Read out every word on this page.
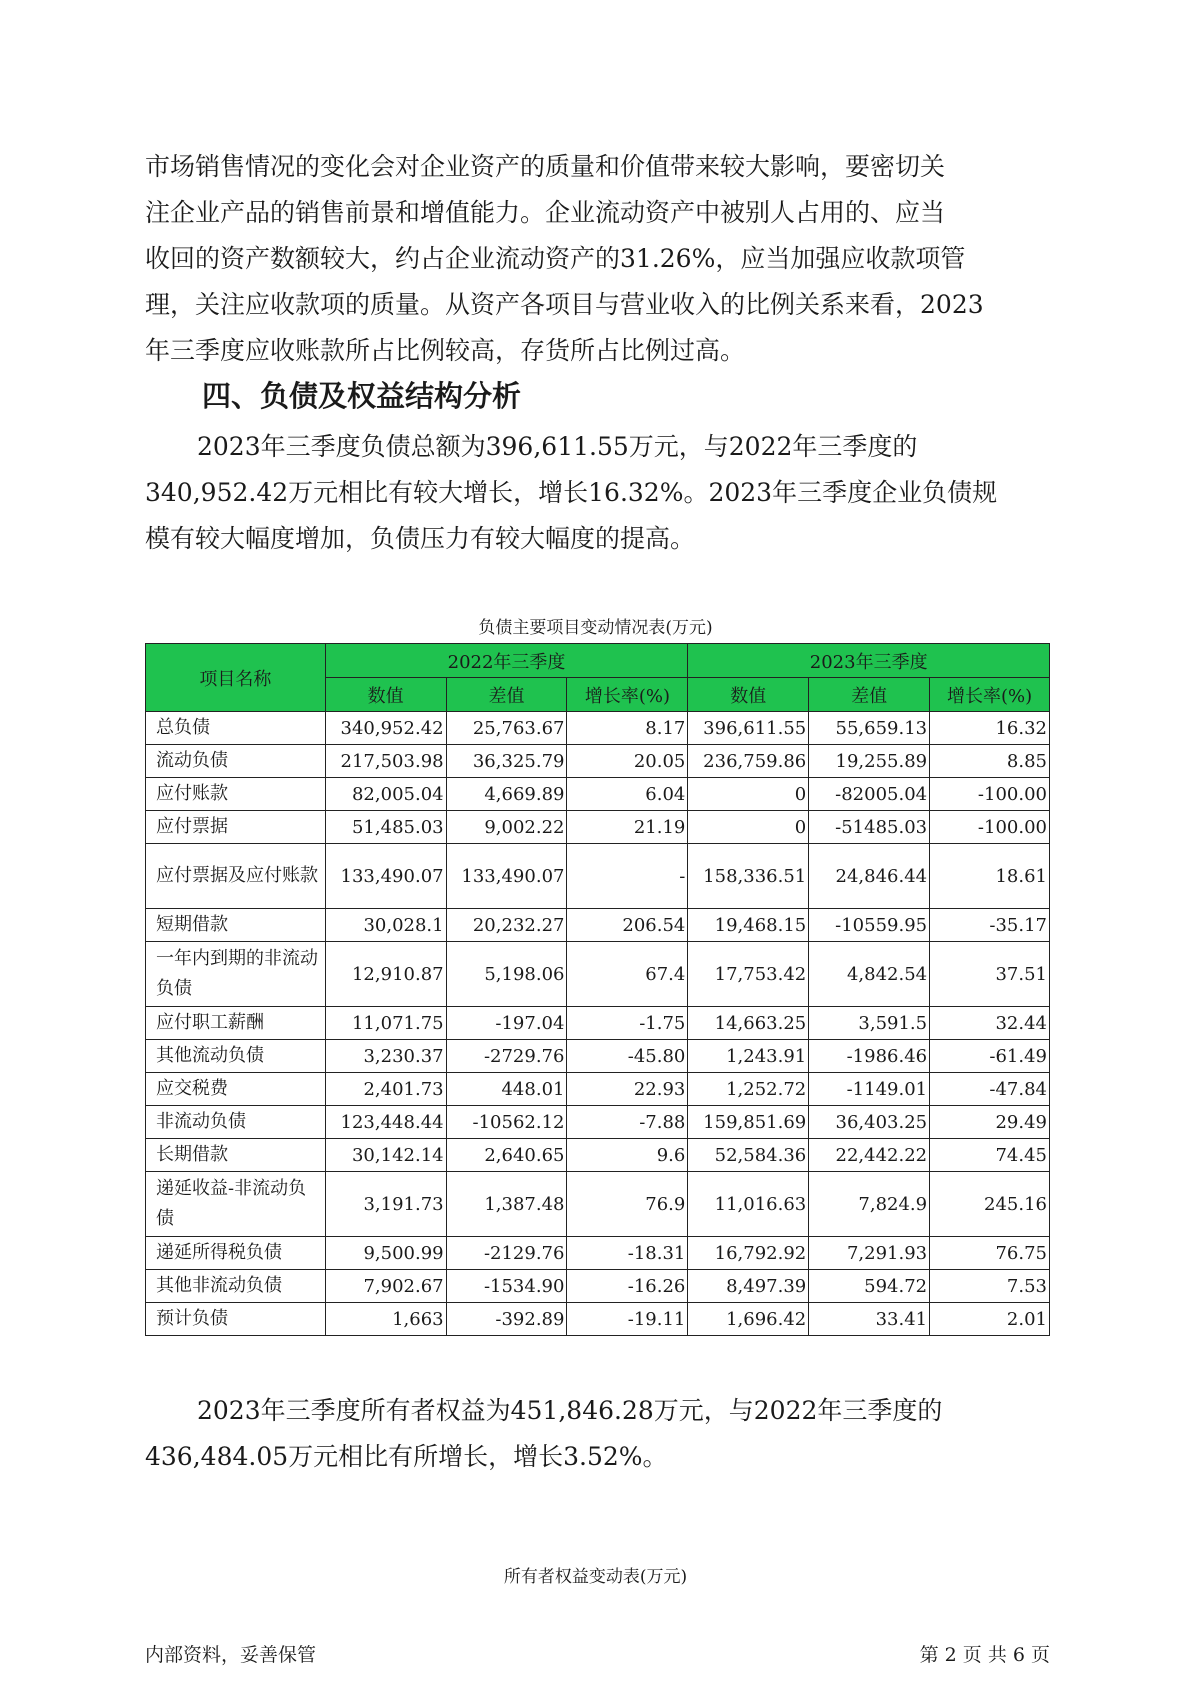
市场销售情况的变化会对企业资产的质量和价值带来较大影响，要密切关
注企业产品的销售前景和增值能力。企业流动资产中被别人占用的、应当
收回的资产数额较大，约占企业流动资产的31.26%，应当加强应收款项管
理，关注应收款项的质量。从资产各项目与营业收入的比例关系来看，2023
年三季度应收账款所占比例较高，存货所占比例过高。
四、负债及权益结构分析
2023年三季度负债总额为396,611.55万元，与2022年三季度的
340,952.42万元相比有较大增长，增长16.32%。2023年三季度企业负债规
模有较大幅度增加，负债压力有较大幅度的提高。
负债主要项目变动情况表(万元)
项目名称	2022年三季度			2023年三季度		
	数值	差值	增长率(%)	数值	差值	增长率(%)
总负债	340,952.42	25,763.67	8.17	396,611.55	55,659.13	16.32
流动负债	217,503.98	36,325.79	20.05	236,759.86	19,255.89	8.85
应付账款	82,005.04	4,669.89	6.04	0	-82005.04	-100.00
应付票据	51,485.03	9,002.22	21.19	0	-51485.03	-100.00
应付票据及应付账款	133,490.07	133,490.07	-	158,336.51	24,846.44	18.61
短期借款	30,028.1	20,232.27	206.54	19,468.15	-10559.95	-35.17
一年内到期的非流动负债	12,910.87	5,198.06	67.4	17,753.42	4,842.54	37.51
应付职工薪酬	11,071.75	-197.04	-1.75	14,663.25	3,591.5	32.44
其他流动负债	3,230.37	-2729.76	-45.80	1,243.91	-1986.46	-61.49
应交税费	2,401.73	448.01	22.93	1,252.72	-1149.01	-47.84
非流动负债	123,448.44	-10562.12	-7.88	159,851.69	36,403.25	29.49
长期借款	30,142.14	2,640.65	9.6	52,584.36	22,442.22	74.45
递延收益-非流动负债	3,191.73	1,387.48	76.9	11,016.63	7,824.9	245.16
递延所得税负债	9,500.99	-2129.76	-18.31	16,792.92	7,291.93	76.75
其他非流动负债	7,902.67	-1534.90	-16.26	8,497.39	594.72	7.53
预计负债	1,663	-392.89	-19.11	1,696.42	33.41	2.01
2023年三季度所有者权益为451,846.28万元，与2022年三季度的
436,484.05万元相比有所增长，增长3.52%。
所有者权益变动表(万元)
内部资料，妥善保管	第 2 页 共 6 页
